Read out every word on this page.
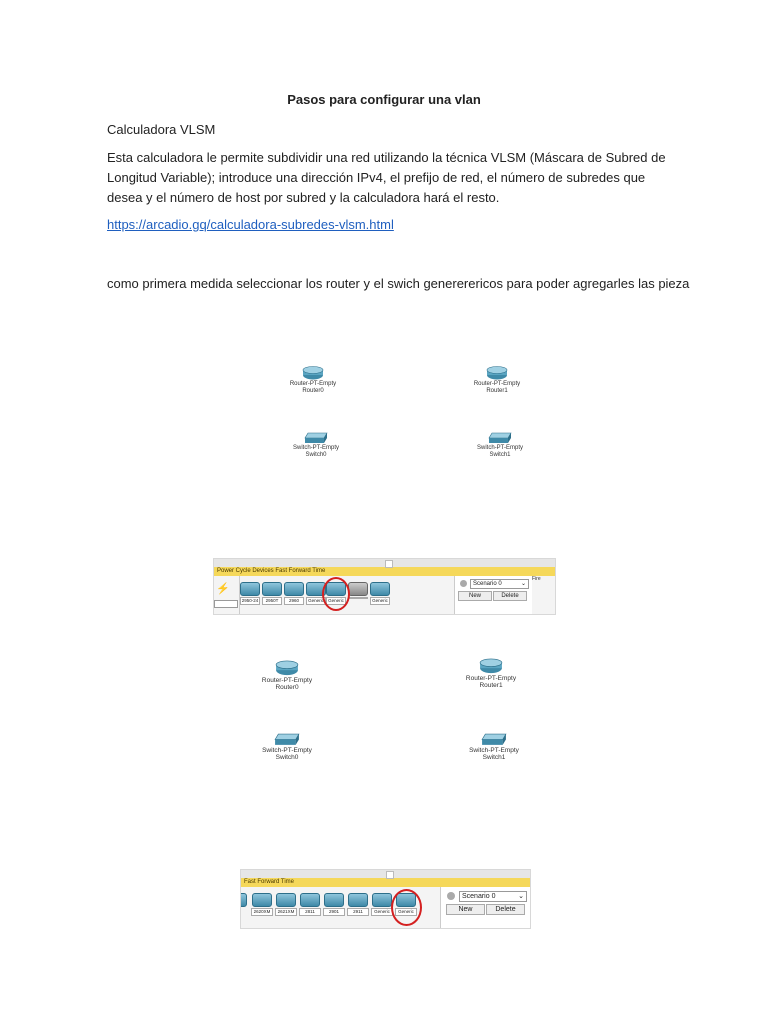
Pasos para configurar una vlan
Calculadora VLSM
Esta calculadora le permite subdividir una red utilizando la técnica VLSM (Máscara de Subred de Longitud Variable); introduce una dirección IPv4, el prefijo de red, el número de subredes que desea y el número de host por subred y la calculadora hará el resto.
https://arcadio.gq/calculadora-subredes-vlsm.html
como primera medida seleccionar los router y el swich genererericos para poder agregarles las pieza
Router-PT-Empty
Router0
Router-PT-Empty
Router1
Switch-PT-Empty
Switch0
Switch-PT-Empty
Switch1
Power Cycle Devices Fast Forward Time
⚡
2950-24	2950T	2960	Generic Generic	Generic
Scenario 0	⌄
New	Delete
Fire
Router-PT-Empty
Router0
Router-PT-Empty
Router1
Switch-PT-Empty
Switch0
Switch-PT-Empty
Switch1
Fast Forward Time
2620XM	2621XM	2811	2901	2911	Generic	Generic
Scenario 0	⌄
New	Delete
